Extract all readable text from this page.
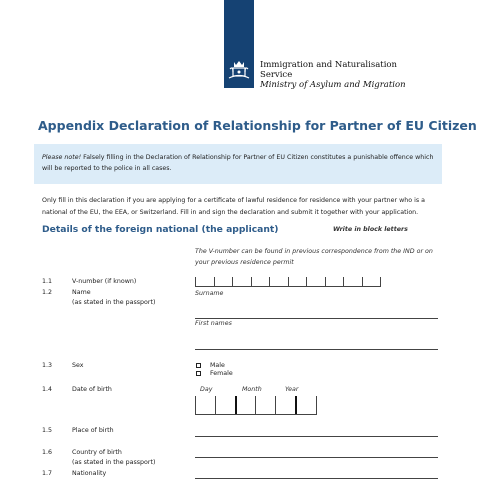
Immigration and Naturalisation
Service
Ministry of Asylum and Migration
Appendix Declaration of Relationship for Partner of EU Citizen
Please note! Falsely filling in the Declaration of Relationship for Partner of EU Citizen constitutes a punishable offence which will be reported to the police in all cases.
Only fill in this declaration if you are applying for a certificate of lawful residence for residence with your partner who is a national of the EU, the EEA, or Switzerland. Fill in and sign the declaration and submit it together with your application.
Details of the foreign national (the applicant)	Write in block letters
The V-number can be found in previous correspondence from the IND or on your previous residence permit
1.1	V-number (if known)
1.2	Name
(as stated in the passport)
Surname
First names
1.3	Sex	Male
Female
1.4	Date of birth	Day	Month	Year
1.5	Place of birth
1.6	Country of birth
(as stated in the passport)
1.7	Nationality
